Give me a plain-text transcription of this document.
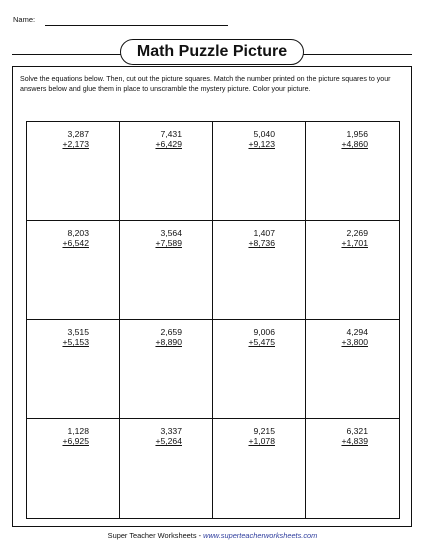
Name:
Math Puzzle Picture
Solve the equations below. Then, cut out the picture squares. Match the number printed on the picture squares to your answers below and glue them in place to unscramble the mystery picture. Color your picture.
3,287
+2,173
7,431
+6,429
5,040
+9,123
1,956
+4,860
8,203
+6,542
3,564
+7,589
1,407
+8,736
2,269
+1,701
3,515
+5,153
2,659
+8,890
9,006
+5,475
4,294
+3,800
1,128
+6,925
3,337
+5,264
9,215
+1,078
6,321
+4,839
Super Teacher Worksheets - www.superteacherworksheets.com
